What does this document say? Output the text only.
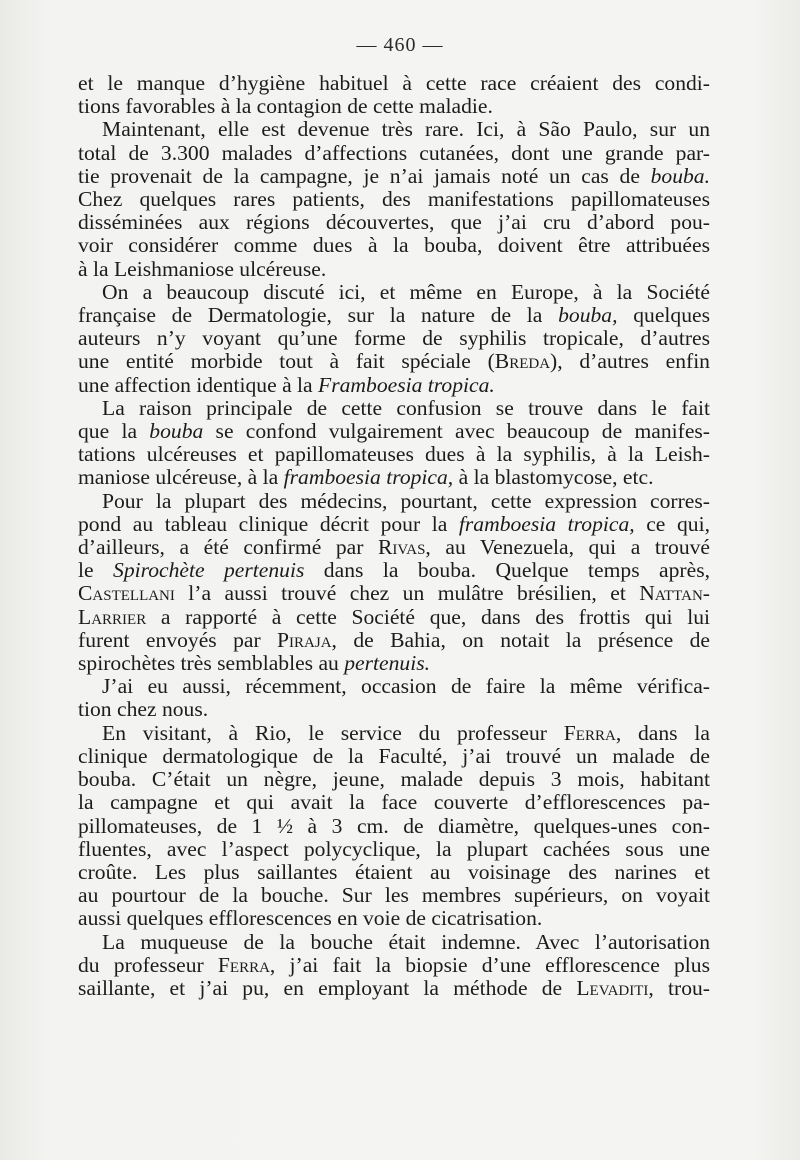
— 460 —

et le manque d’hygiène habituel à cette race créaient des condi-

tions favorables à la contagion de cette maladie.

Maintenant, elle est devenue très rare. Ici, à São Paulo, sur un

total de 3.300 malades d’affections cutanées, dont une grande par-

tie provenait de la campagne, je n’ai jamais noté un cas de bouba.

Chez quelques rares patients, des manifestations papillomateuses

disséminées aux régions découvertes, que j’ai cru d’abord pou-

voir considérer comme dues à la bouba, doivent être attribuées

à la Leishmaniose ulcéreuse.

On a beaucoup discuté ici, et même en Europe, à la Société

française de Dermatologie, sur la nature de la bouba, quelques

auteurs n’y voyant qu’une forme de syphilis tropicale, d’autres

une entité morbide tout à fait spéciale (Breda), d’autres enfin

une affection identique à la Framboesia tropica.

La raison principale de cette confusion se trouve dans le fait

que la bouba se confond vulgairement avec beaucoup de manifes-

tations ulcéreuses et papillomateuses dues à la syphilis, à la Leish-

maniose ulcéreuse, à la framboesia tropica, à la blastomycose, etc.

Pour la plupart des médecins, pourtant, cette expression corres-

pond au tableau clinique décrit pour la framboesia tropica, ce qui,

d’ailleurs, a été confirmé par Rivas, au Venezuela, qui a trouvé

le Spirochète pertenuis dans la bouba. Quelque temps après,

Castellani l’a aussi trouvé chez un mulâtre brésilien, et Nattan-

Larrier a rapporté à cette Société que, dans des frottis qui lui

furent envoyés par Piraja, de Bahia, on notait la présence de

spirochètes très semblables au pertenuis.

J’ai eu aussi, récemment, occasion de faire la même vérifica-

tion chez nous.

En visitant, à Rio, le service du professeur Ferra, dans la

clinique dermatologique de la Faculté, j’ai trouvé un malade de

bouba. C’était un nègre, jeune, malade depuis 3 mois, habitant

la campagne et qui avait la face couverte d’efflorescences pa-

pillomateuses, de 1 ½ à 3 cm. de diamètre, quelques-unes con-

fluentes, avec l’aspect polycyclique, la plupart cachées sous une

croûte. Les plus saillantes étaient au voisinage des narines et

au pourtour de la bouche. Sur les membres supérieurs, on voyait

aussi quelques efflorescences en voie de cicatrisation.

La muqueuse de la bouche était indemne. Avec l’autorisation

du professeur Ferra, j’ai fait la biopsie d’une efflorescence plus

saillante, et j’ai pu, en employant la méthode de Levaditi, trou-
